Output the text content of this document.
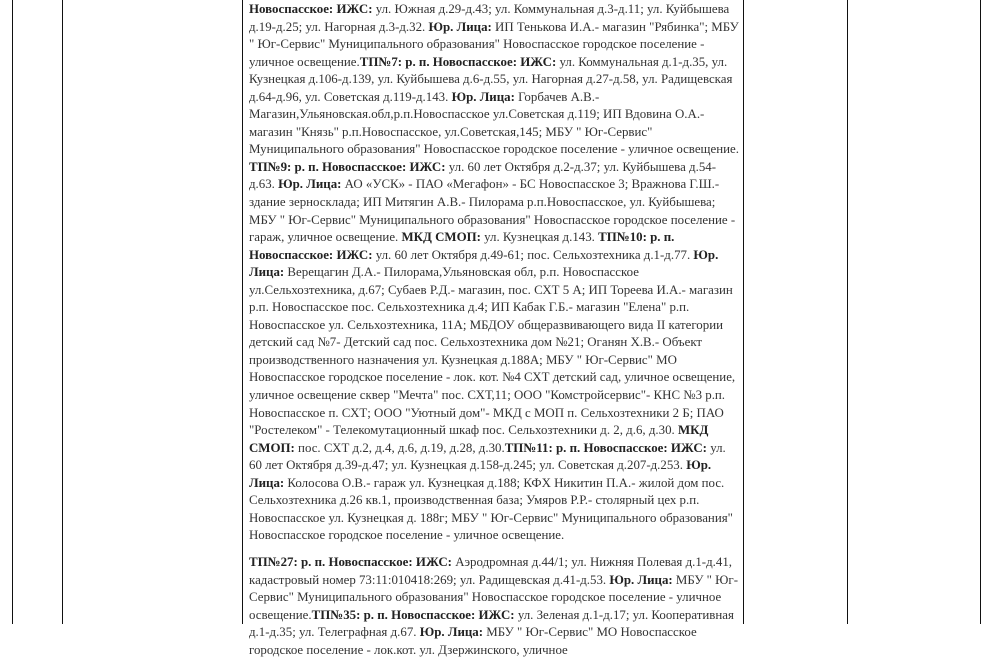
Новоспасское: ИЖС: ул. Южная д.29-д.43; ул. Коммунальная д.3-д.11; ул. Куйбышева д.19-д.25; ул. Нагорная д.3-д.32. Юр. Лица: ИП Тенькова И.А.- магазин "Рябинка"; МБУ " Юг-Сервис" Муниципального образования" Новоспасское городское поселение - уличное освещение.ТП№7: р. п. Новоспасское: ИЖС: ул. Коммунальная д.1-д.35, ул. Кузнецкая д.106-д.139, ул. Куйбышева д.6-д.55, ул. Нагорная д.27-д.58, ул. Радищевская д.64-д.96, ул. Советская д.119-д.143. Юр. Лица: Горбачев А.В.- Магазин,Ульяновская.обл,р.п.Новоспасское ул.Советская д.119; ИП Вдовина О.А.- магазин "Князь" р.п.Новоспасское, ул.Советская,145; МБУ " Юг-Сервис" Муниципального образования" Новоспасское городское поселение - уличное освещение. ТП№9: р. п. Новоспасское: ИЖС: ул. 60 лет Октября д.2-д.37; ул. Куйбышева д.54-д.63. Юр. Лица: АО «УСК» - ПАО «Мегафон» - БС Новоспасское 3; Вражнова Г.Ш.- здание зерносклада; ИП Митягин А.В.- Пилорама р.п.Новоспасское, ул. Куйбышева; МБУ " Юг-Сервис" Муниципального образования" Новоспасское городское поселение - гараж, уличное освещение. МКД СМОП: ул. Кузнецкая д.143. ТП№10: р. п. Новоспасское: ИЖС: ул. 60 лет Октября д.49-61; пос. Сельхозтехника д.1-д.77. Юр. Лица: Верещагин Д.А.- Пилорама,Ульяновская обл, р.п. Новоспасское ул.Сельхозтехника, д.67; Субаев Р.Д.- магазин, пос. СХТ 5 А; ИП Тореева И.А.- магазин р.п. Новоспасское пос. Сельхозтехника д.4; ИП Кабак Г.Б.- магазин "Елена" р.п. Новоспасское ул. Сельхозтехника, 11А; МБДОУ общеразвивающего вида II категории детский сад №7- Детский сад пос. Сельхозтехника дом №21; Оганян Х.В.- Объект производственного назначения ул. Кузнецкая д.188А; МБУ " Юг-Сервис" МО Новоспасское городское поселение - лок. кот. №4 СХТ детский сад, уличное освещение, уличное освещение сквер "Мечта" пос. СХТ,11; ООО "Комстройсервис"- КНС №3 р.п. Новоспасское п. СХТ; ООО "Уютный дом"- МКД с МОП п. Сельхозтехники 2 Б; ПАО "Ростелеком" - Телекомутационный шкаф пос. Сельхозтехники д. 2, д.6, д.30. МКД СМОП: пос. СХТ д.2, д.4, д.6, д.19, д.28, д.30.ТП№11: р. п. Новоспасское: ИЖС: ул. 60 лет Октября д.39-д.47; ул. Кузнецкая д.158-д.245; ул. Советская д.207-д.253. Юр. Лица: Колосова О.В.- гараж ул. Кузнецкая д.188; КФХ Никитин П.А.- жилой дом пос. Сельхозтехника д.26 кв.1, производственная база; Умяров Р.Р.- столярный цех р.п. Новоспасское ул. Кузнецкая д. 188г; МБУ " Юг-Сервис" Муниципального образования" Новоспасское городское поселение - уличное освещение.

ТП№27: р. п. Новоспасское: ИЖС: Аэродромная д.44/1; ул. Нижняя Полевая д.1-д.41, кадастровый номер 73:11:010418:269; ул. Радищевская д.41-д.53. Юр. Лица: МБУ " Юг-Сервис" Муниципального образования" Новоспасское городское поселение - уличное освещение.ТП№35: р. п. Новоспасское: ИЖС: ул. Зеленая д.1-д.17; ул. Кооперативная д.1-д.35; ул. Телеграфная д.67. Юр. Лица: МБУ " Юг-Сервис" МО Новоспасское городское поселение - лок.кот. ул. Дзержинского, уличное
